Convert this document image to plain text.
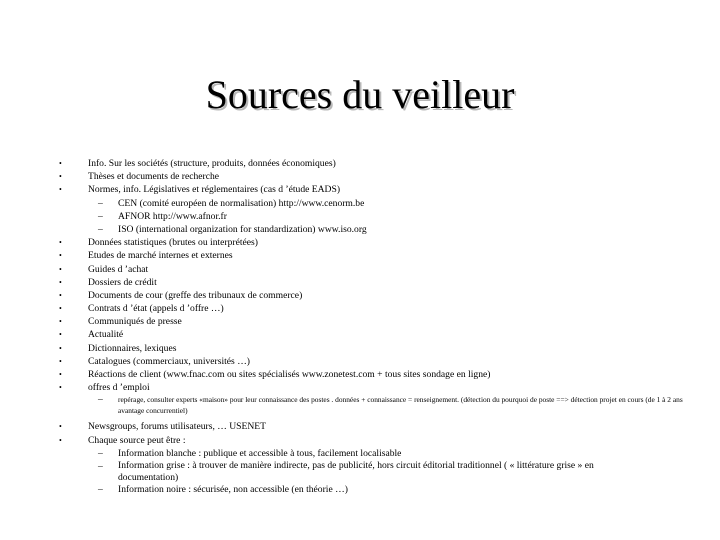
Sources du veilleur
•	Info. Sur les sociétés (structure, produits, données économiques)
•	Thèses et documents de recherche
•	Normes, info. Législatives et réglementaires (cas d ’étude EADS)
– CEN (comité européen de normalisation) http://www.cenorm.be
– AFNOR http://www.afnor.fr
– ISO (international organization for standardization) www.iso.org
•	Données statistiques (brutes ou interprétées)
•	Etudes de marché internes et externes
•	Guides d ’achat
•	Dossiers de crédit
•	Documents de cour (greffe des tribunaux de commerce)
•	Contrats d ’état (appels d ’offre …)
•	Communiqués de presse
•	Actualité
•	Dictionnaires, lexiques
•	Catalogues (commerciaux, universités …)
•	Réactions de client (www.fnac.com ou sites spécialisés www.zonetest.com + tous sites sondage en ligne)
•	offres d ’emploi
– repérage, consulter experts «maison» pour leur connaissance des postes . données + connaissance = renseignement. (détection du pourquoi de poste ==> détection projet en cours (de 1 à 2 ans avantage concurrentiel)
•	Newsgroups, forums utilisateurs, … USENET
•	Chaque source peut être :
– Information blanche : publique et accessible à tous, facilement localisable
– Information grise : à trouver de manière indirecte, pas de publicité, hors circuit éditorial traditionnel ( « littérature grise » en documentation)
– Information noire : sécurisée, non accessible (en théorie …)
